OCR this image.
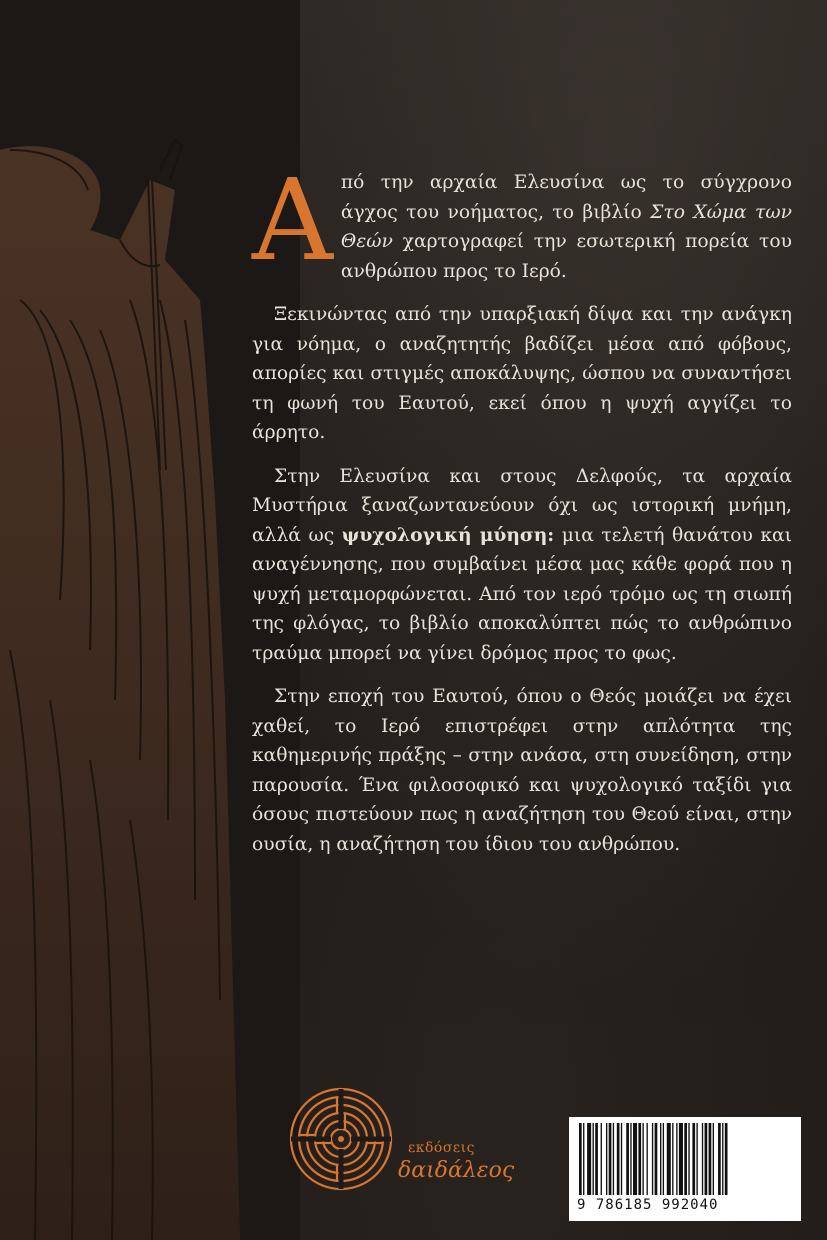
Από την αρχαία Ελευσίνα ως το σύγχρονο άγχος του νοήματος, το βιβλίο Στο Χώμα των Θεών χαρτογραφεί την εσωτερική πορεία του ανθρώπου προς το Ιερό.

Ξεκινώντας από την υπαρξιακή δίψα και την ανάγκη για νόημα, ο αναζητητής βαδίζει μέσα από φόβους, απορίες και στιγμές αποκάλυψης, ώσπου να συναντήσει τη φωνή του Εαυτού, εκεί όπου η ψυχή αγγίζει το άρρητο.

Στην Ελευσίνα και στους Δελφούς, τα αρχαία Μυστήρια ξαναζωντανεύουν όχι ως ιστορική μνήμη, αλλά ως ψυχολογική μύηση: μια τελετή θανάτου και αναγέννησης, που συμβαίνει μέσα μας κάθε φορά που η ψυχή μεταμορφώνεται. Από τον ιερό τρόμο ως τη σιωπή της φλόγας, το βιβλίο αποκαλύπτει πώς το ανθρώπινο τραύμα μπορεί να γίνει δρόμος προς το φως.

Στην εποχή του Εαυτού, όπου ο Θεός μοιάζει να έχει χαθεί, το Ιερό επιστρέφει στην απλότητα της καθημερινής πράξης – στην ανάσα, στη συνείδηση, στην παρουσία. Ένα φιλοσοφικό και ψυχολογικό ταξίδι για όσους πιστεύουν πως η αναζήτηση του Θεού είναι, στην ουσία, η αναζήτηση του ίδιου του ανθρώπου.

εκδόσεις
δαιδάλεος
9 786185 992040
